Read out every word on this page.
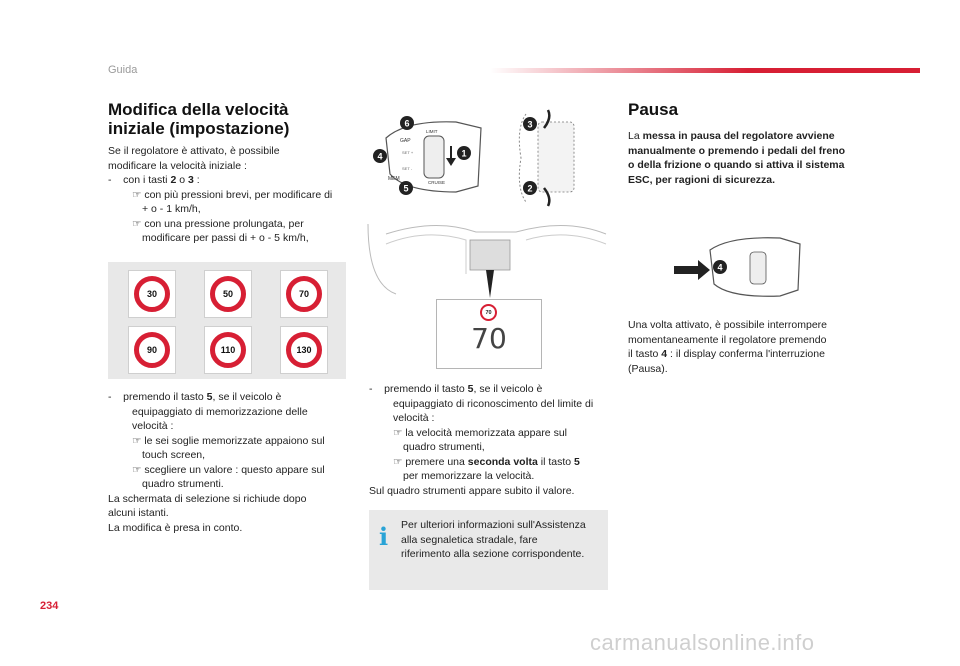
Guida
234
carmanualsonline.info
Modifica della velocità
iniziale (impostazione)

Se il regolatore è attivato, è possibile

modificare la velocità iniziale :

-    con i tasti 2 o 3 :

☞ con più pressioni brevi, per modificare di

+ o - 1 km/h,

☞ con una pressione prolungata, per

modificare per passi di + o - 5 km/h,

30	50	70
90	110	130

-    premendo il tasto 5, se il veicolo è

equipaggiato di memorizzazione delle

velocità :

☞ le sei soglie memorizzate appaiono sul

touch screen,

☞ scegliere un valore : questo appare sul

quadro strumenti.

La schermata di selezione si richiude dopo

alcuni istanti.

La modifica è presa in conto.

GAP
MEM
CRUISE
LIMIT
SET +
SET -
6
4
5
1
3
2
70
70

-    premendo il tasto 5, se il veicolo è

equipaggiato di riconoscimento del limite di

velocità :

☞ la velocità memorizzata appare sul

quadro strumenti,

☞ premere una seconda volta il tasto 5

per memorizzare la velocità.

Sul quadro strumenti appare subito il valore.

i Per ulteriori informazioni sull'Assistenza
alla segnaletica stradale, fare
riferimento alla sezione corrispondente.
Pausa

La messa in pausa del regolatore avviene

manualmente o premendo i pedali del freno

o della frizione o quando si attiva il sistema

ESC, per ragioni di sicurezza.

4

Una volta attivato, è possibile interrompere

momentaneamente il regolatore premendo

il tasto 4 : il display conferma l'interruzione

(Pausa).
